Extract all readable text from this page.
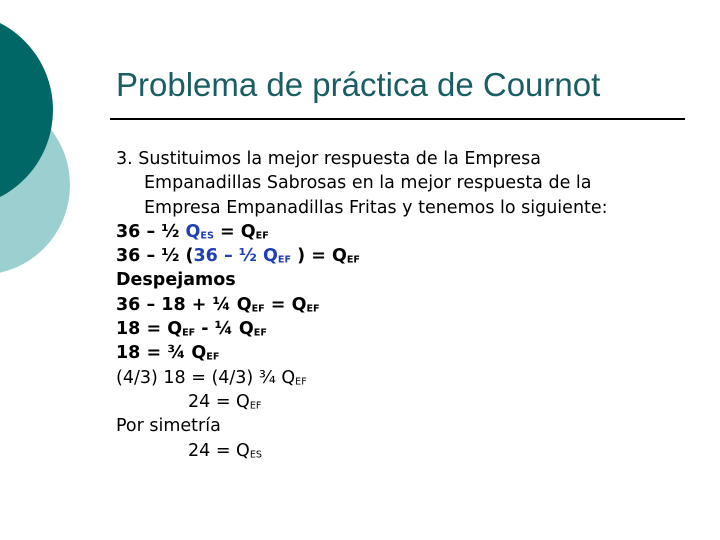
Problema de práctica de Cournot
3. Sustituimos la mejor respuesta de la Empresa
Empanadillas Sabrosas en la mejor respuesta de la
Empresa Empanadillas Fritas y tenemos lo siguiente:
36 – ½ $Q_{ES} = Q_{EF}$
36 – ½ (36 – ½ $Q_{EF}$ ) = $Q_{EF}$
Despejamos
36 – 18 + ¼ $Q_{EF} = Q_{EF}$
$18 = Q_{EF}$ - ¼ $Q_{EF}$
18 = ¾ $Q_{EF}$
(4/3) 18 = (4/3) ¾ $Q_{EF}$
$24 = Q_{EF}$
Por simetría
$24 = Q_{ES}$
